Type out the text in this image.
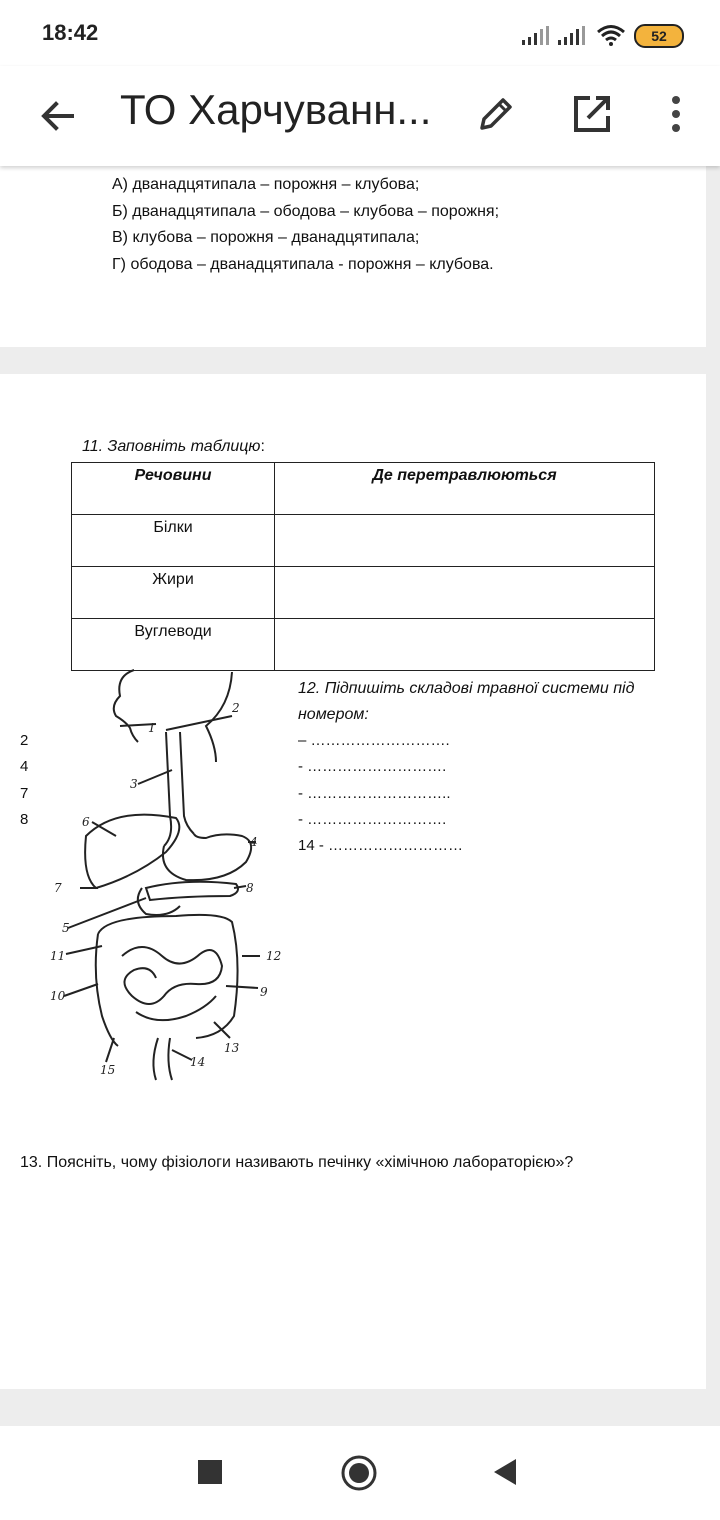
18:42	52
ТО Харчуванн...
А) дванадцятипала – порожня – клубова;
Б) дванадцятипала – ободова – клубова – порожня;
В) клубова – порожня – дванадцятипала;
Г) ободова – дванадцятипала - порожня – клубова.
11. Заповніть таблицю:
Речовини	Де перетравлюються
Білки	
Жири	
Вуглеводи	
1
2
3
4
5
6
7	8
9
10
11	12
13
14
15
2
4
7
8
12. Підпишіть складові травної системи під номером:
– ……………………….
- ……………………….
- ………………………..
- ……………………….
14 - ………………………
13. Поясніть, чому фізіологи називають печінку «хімічною лабораторією»?
